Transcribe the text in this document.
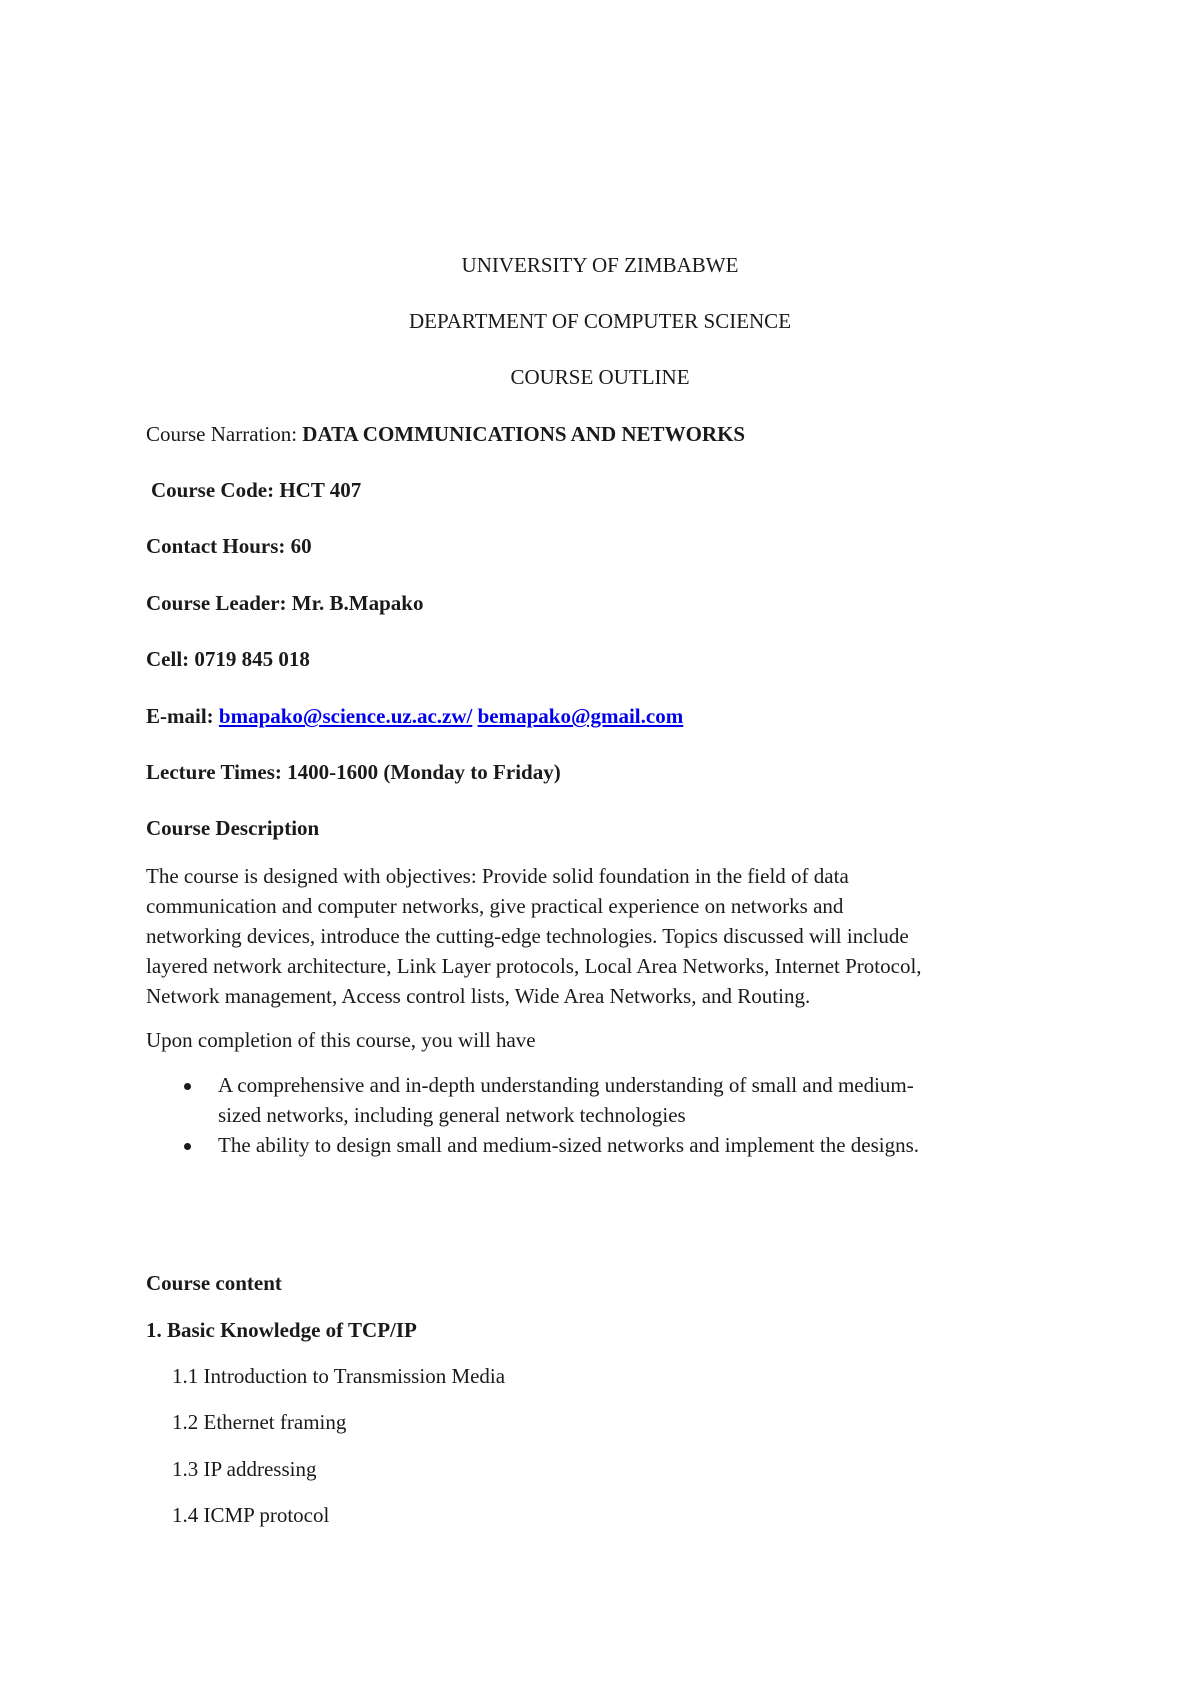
UNIVERSITY OF ZIMBABWE
DEPARTMENT OF COMPUTER SCIENCE
COURSE OUTLINE
Course Narration: DATA COMMUNICATIONS AND NETWORKS
Course Code: HCT 407
Contact Hours: 60
Course Leader: Mr. B.Mapako
Cell: 0719 845 018
E-mail: bmapako@science.uz.ac.zw/ bemapako@gmail.com
Lecture Times: 1400-1600 (Monday to Friday)
Course Description
The course is designed with objectives: Provide solid foundation in the field of data
communication and computer networks, give practical experience on networks and
networking devices, introduce the cutting-edge technologies. Topics discussed will include
layered network architecture, Link Layer protocols, Local Area Networks, Internet Protocol,
Network management, Access control lists, Wide Area Networks, and Routing.
Upon completion of this course, you will have
A comprehensive and in-depth understanding understanding of small and medium-
sized networks, including general network technologies
The ability to design small and medium-sized networks and implement the designs.
Course content
1. Basic Knowledge of TCP/IP
1.1 Introduction to Transmission Media
1.2 Ethernet framing
1.3 IP addressing
1.4 ICMP protocol
